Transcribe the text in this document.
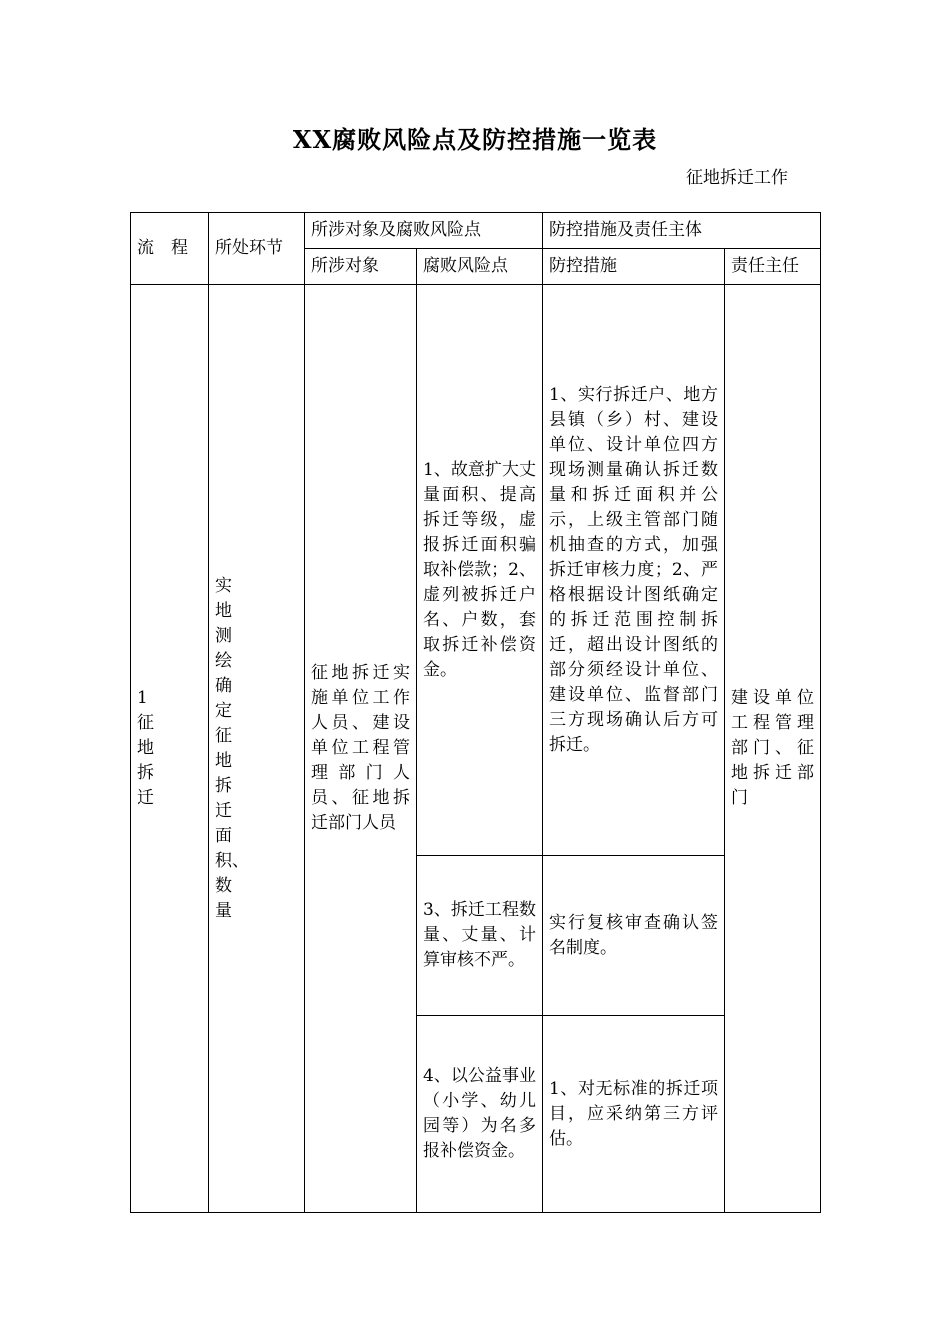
XX腐败风险点及防控措施一览表
征地拆迁工作
流　程	所处环节	所涉对象及腐败风险点		防控措施及责任主体	
		所涉对象	腐败风险点	防控措施	责任主任
1征地拆迁	实地测绘确定征地拆迁面积、数量	征地拆迁实施单位工作人员、建设单位工程管理部门人员、征地拆迁部门人员	1、故意扩大丈量面积、提高拆迁等级，虚报拆迁面积骗取补偿款；2、虚列被拆迁户名、户数，套取拆迁补偿资金。	1、实行拆迁户、地方县镇（乡）村、建设单位、设计单位四方现场测量确认拆迁数量和拆迁面积并公示，上级主管部门随机抽查的方式，加强拆迁审核力度；2、严格根据设计图纸确定的拆迁范围控制拆迁，超出设计图纸的部分须经设计单位、建设单位、监督部门三方现场确认后方可拆迁。	建设单位工程管理部门、征地拆迁部门
			3、拆迁工程数量、丈量、计算审核不严。	实行复核审查确认签名制度。	
			4、以公益事业（小学、幼儿园等）为名多报补偿资金。	1、对无标准的拆迁项目，应采纳第三方评估。	
